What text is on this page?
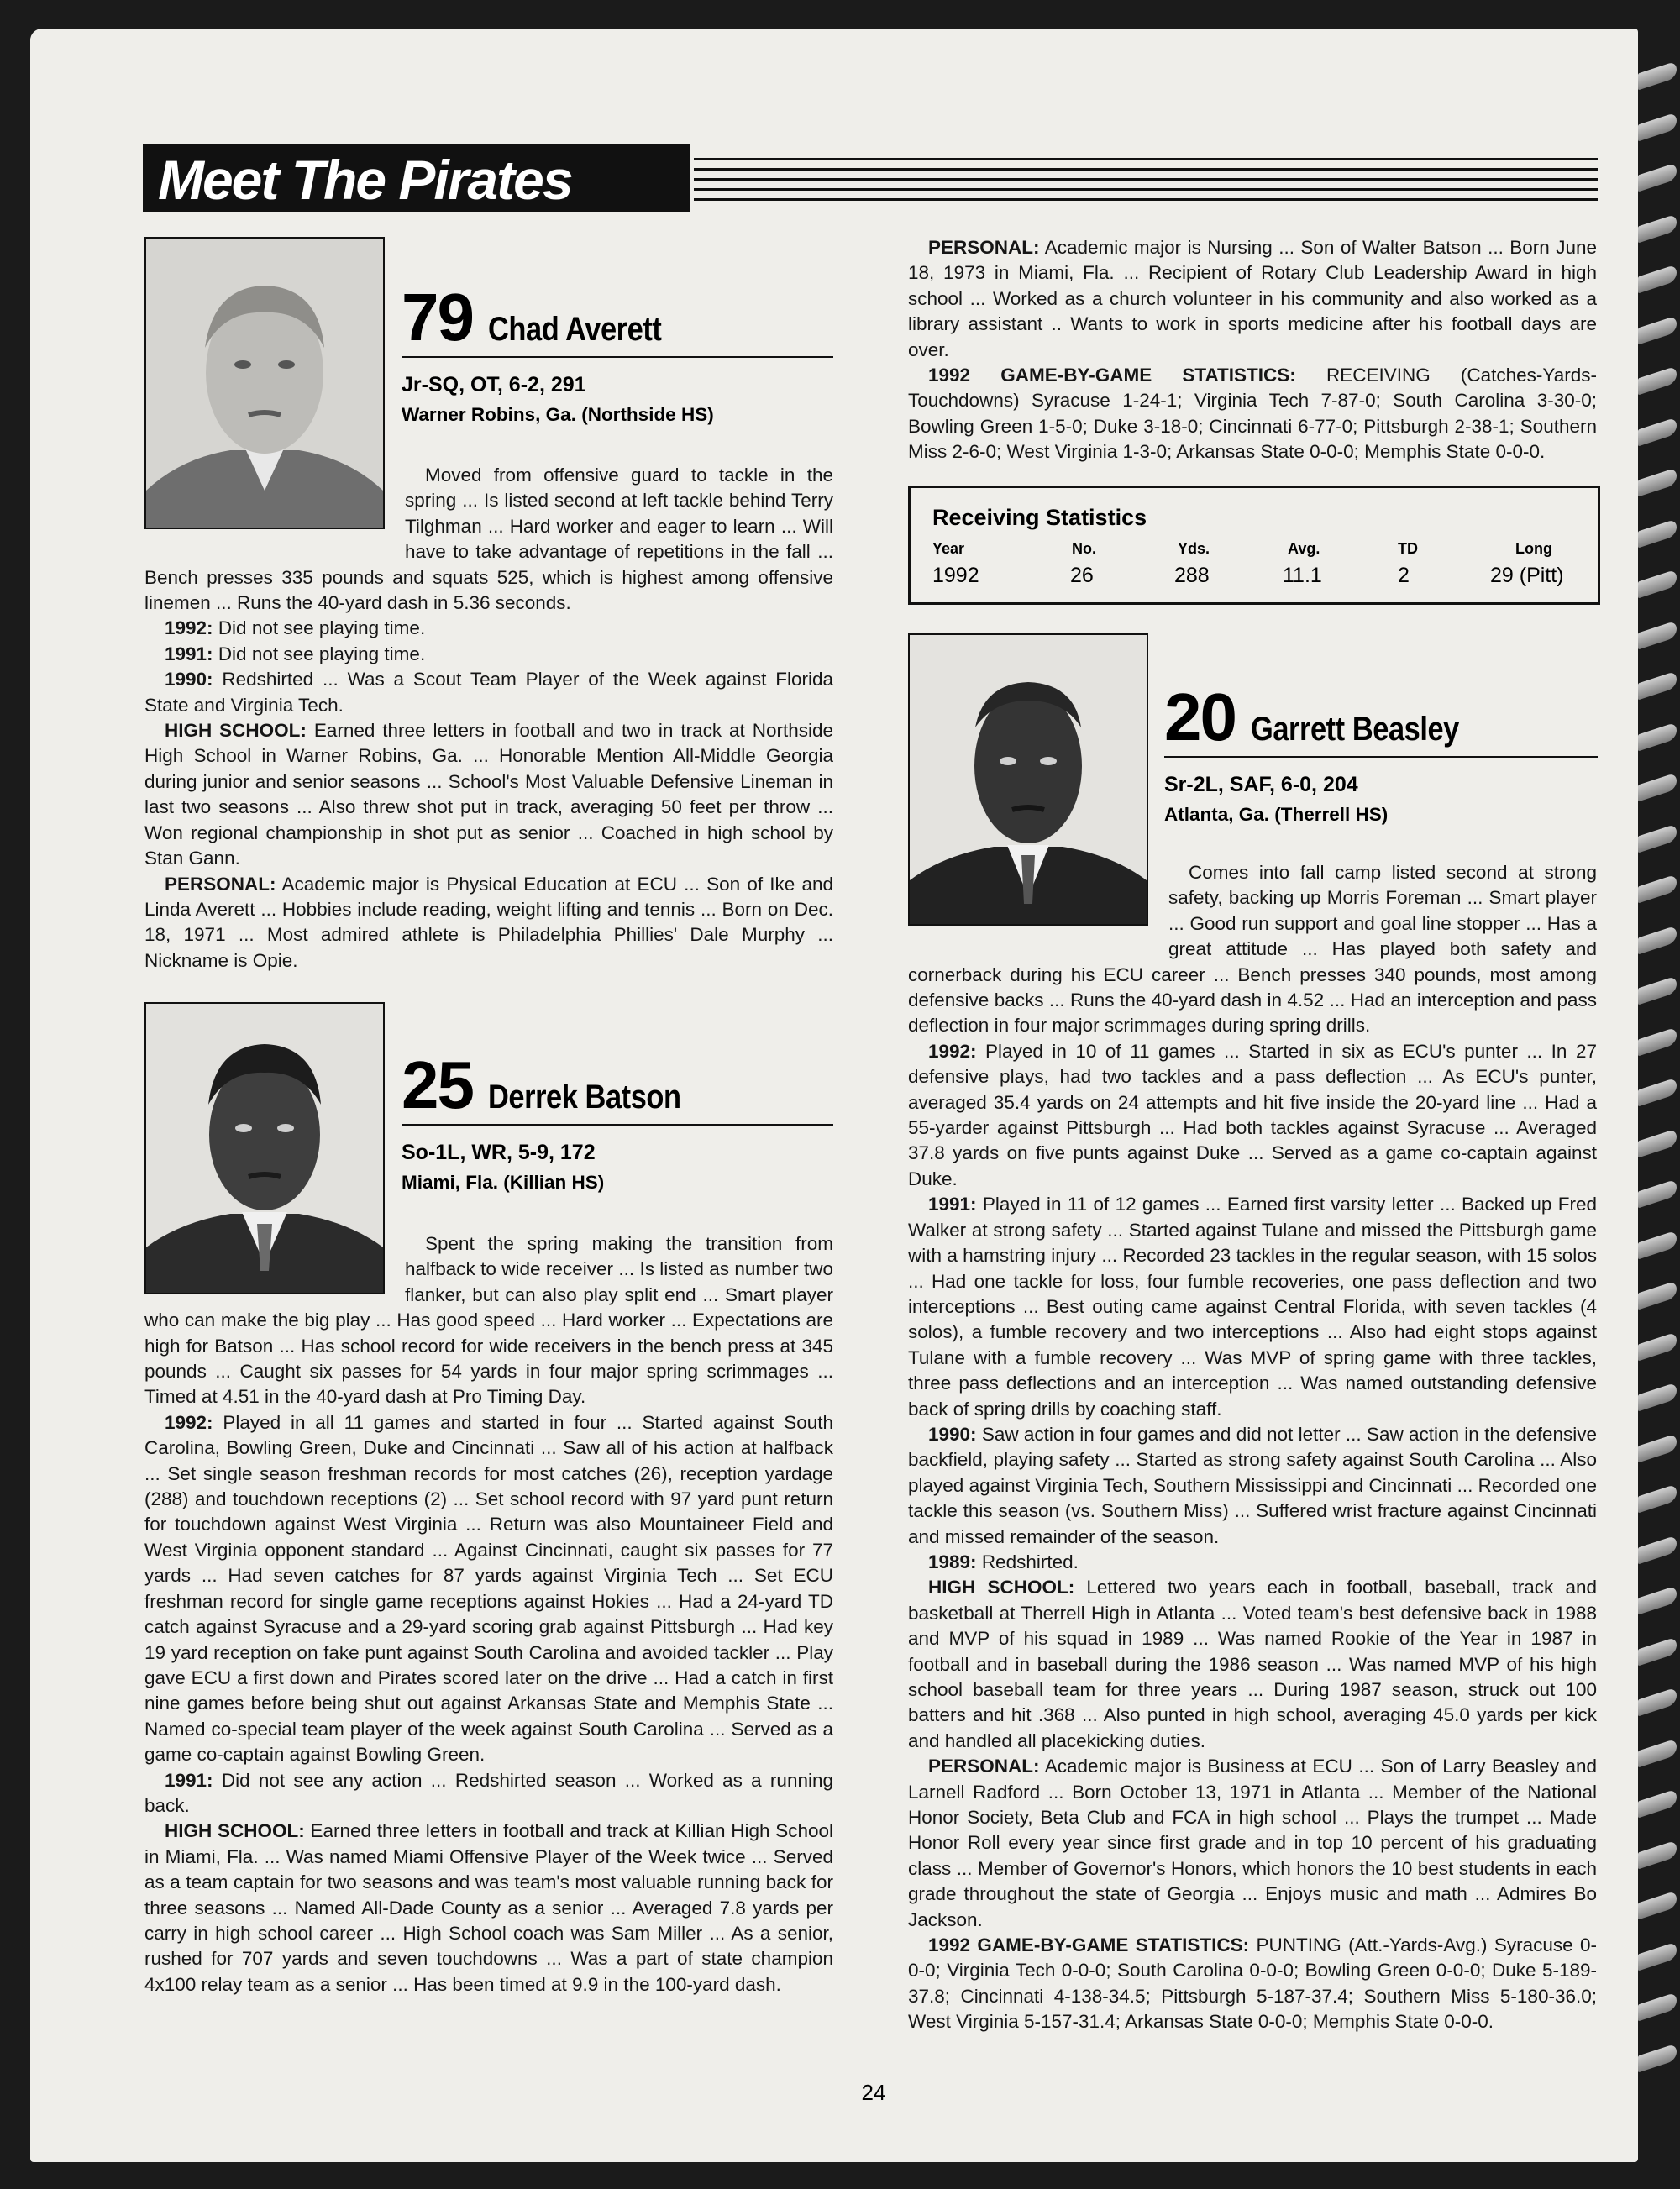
Meet The Pirates
79 Chad Averett
Jr-SQ, OT, 6-2, 291
Warner Robins, Ga. (Northside HS)

Moved from offensive guard to tackle in the spring ... Is listed second at left tackle behind Terry Tilghman ... Hard worker and eager to learn ... Will have to take advantage of repetitions in the fall ... Bench presses 335 pounds and squats 525, which is highest among offensive linemen ... Runs the 40-yard dash in 5.36 seconds.

1992: Did not see playing time.

1991: Did not see playing time.

1990: Redshirted ... Was a Scout Team Player of the Week against Florida State and Virginia Tech.

HIGH SCHOOL: Earned three letters in football and two in track at Northside High School in Warner Robins, Ga. ... Honorable Mention All-Middle Georgia during junior and senior seasons ... School's Most Valuable Defensive Lineman in last two seasons ... Also threw shot put in track, averaging 50 feet per throw ... Won regional championship in shot put as senior ... Coached in high school by Stan Gann.

PERSONAL: Academic major is Physical Education at ECU ... Son of Ike and Linda Averett ... Hobbies include reading, weight lifting and tennis ... Born on Dec. 18, 1971 ... Most admired athlete is Philadelphia Phillies' Dale Murphy ... Nickname is Opie.

25 Derrek Batson
So-1L, WR, 5-9, 172
Miami, Fla. (Killian HS)

Spent the spring making the transition from halfback to wide receiver ... Is listed as number two flanker, but can also play split end ... Smart player who can make the big play ... Has good speed ... Hard worker ... Expectations are high for Batson ... Has school record for wide receivers in the bench press at 345 pounds ... Caught six passes for 54 yards in four major spring scrimmages ... Timed at 4.51 in the 40-yard dash at Pro Timing Day.

1992: Played in all 11 games and started in four ... Started against South Carolina, Bowling Green, Duke and Cincinnati ... Saw all of his action at halfback ... Set single season freshman records for most catches (26), reception yardage (288) and touchdown receptions (2) ... Set school record with 97 yard punt return for touchdown against West Virginia ... Return was also Mountaineer Field and West Virginia opponent standard ... Against Cincinnati, caught six passes for 77 yards ... Had seven catches for 87 yards against Virginia Tech ... Set ECU freshman record for single game receptions against Hokies ... Had a 24-yard TD catch against Syracuse and a 29-yard scoring grab against Pittsburgh ... Had key 19 yard reception on fake punt against South Carolina and avoided tackler ... Play gave ECU a first down and Pirates scored later on the drive ... Had a catch in first nine games before being shut out against Arkansas State and Memphis State ... Named co-special team player of the week against South Carolina ... Served as a game co-captain against Bowling Green.

1991: Did not see any action ... Redshirted season ... Worked as a running back.

HIGH SCHOOL: Earned three letters in football and track at Killian High School in Miami, Fla. ... Was named Miami Offensive Player of the Week twice ... Served as a team captain for two seasons and was team's most valuable running back for three seasons ... Named All-Dade County as a senior ... Averaged 7.8 yards per carry in high school career ... High School coach was Sam Miller ... As a senior, rushed for 707 yards and seven touchdowns ... Was a part of state champion 4x100 relay team as a senior ... Has been timed at 9.9 in the 100-yard dash.

PERSONAL: Academic major is Nursing ... Son of Walter Batson ... Born June 18, 1973 in Miami, Fla. ... Recipient of Rotary Club Leadership Award in high school ... Worked as a church volunteer in his community and also worked as a library assistant .. Wants to work in sports medicine after his football days are over.

1992 GAME-BY-GAME STATISTICS: RECEIVING (Catches-Yards-Touchdowns) Syracuse 1-24-1; Virginia Tech 7-87-0; South Carolina 3-30-0; Bowling Green 1-5-0; Duke 3-18-0; Cincinnati 6-77-0; Pittsburgh 2-38-1; Southern Miss 2-6-0; West Virginia 1-3-0; Arkansas State 0-0-0; Memphis State 0-0-0.

Receiving Statistics
Year	No.	Yds.	Avg.	TD	Long
1992	26	288	11.1	2	29 (Pitt)
20 Garrett Beasley
Sr-2L, SAF, 6-0, 204
Atlanta, Ga. (Therrell HS)

Comes into fall camp listed second at strong safety, backing up Morris Foreman ... Smart player ... Good run support and goal line stopper ... Has a great attitude ... Has played both safety and cornerback during his ECU career ... Bench presses 340 pounds, most among defensive backs ... Runs the 40-yard dash in 4.52 ... Had an interception and pass deflection in four major scrimmages during spring drills.

1992: Played in 10 of 11 games ... Started in six as ECU's punter ... In 27 defensive plays, had two tackles and a pass deflection ... As ECU's punter, averaged 35.4 yards on 24 attempts and hit five inside the 20-yard line ... Had a 55-yarder against Pittsburgh ... Had both tackles against Syracuse ... Averaged 37.8 yards on five punts against Duke ... Served as a game co-captain against Duke.

1991: Played in 11 of 12 games ... Earned first varsity letter ... Backed up Fred Walker at strong safety ... Started against Tulane and missed the Pittsburgh game with a hamstring injury ... Recorded 23 tackles in the regular season, with 15 solos ... Had one tackle for loss, four fumble recoveries, one pass deflection and two interceptions ... Best outing came against Central Florida, with seven tackles (4 solos), a fumble recovery and two interceptions ... Also had eight stops against Tulane with a fumble recovery ... Was MVP of spring game with three tackles, three pass deflections and an interception ... Was named outstanding defensive back of spring drills by coaching staff.

1990: Saw action in four games and did not letter ... Saw action in the defensive backfield, playing safety ... Started as strong safety against South Carolina ... Also played against Virginia Tech, Southern Mississippi and Cincinnati ... Recorded one tackle this season (vs. Southern Miss) ... Suffered wrist fracture against Cincinnati and missed remainder of the season.

1989: Redshirted.

HIGH SCHOOL: Lettered two years each in football, baseball, track and basketball at Therrell High in Atlanta ... Voted team's best defensive back in 1988 and MVP of his squad in 1989 ... Was named Rookie of the Year in 1987 in football and in baseball during the 1986 season ... Was named MVP of his high school baseball team for three years ... During 1987 season, struck out 100 batters and hit .368 ... Also punted in high school, averaging 45.0 yards per kick and handled all placekicking duties.

PERSONAL: Academic major is Business at ECU ... Son of Larry Beasley and Larnell Radford ... Born October 13, 1971 in Atlanta ... Member of the National Honor Society, Beta Club and FCA in high school ... Plays the trumpet ... Made Honor Roll every year since first grade and in top 10 percent of his graduating class ... Member of Governor's Honors, which honors the 10 best students in each grade throughout the state of Georgia ... Enjoys music and math ... Admires Bo Jackson.

1992 GAME-BY-GAME STATISTICS: PUNTING (Att.-Yards-Avg.) Syracuse 0-0-0; Virginia Tech 0-0-0; South Carolina 0-0-0; Bowling Green 0-0-0; Duke 5-189-37.8; Cincinnati 4-138-34.5; Pittsburgh 5-187-37.4; Southern Miss 5-180-36.0; West Virginia 5-157-31.4; Arkansas State 0-0-0; Memphis State 0-0-0.

24
